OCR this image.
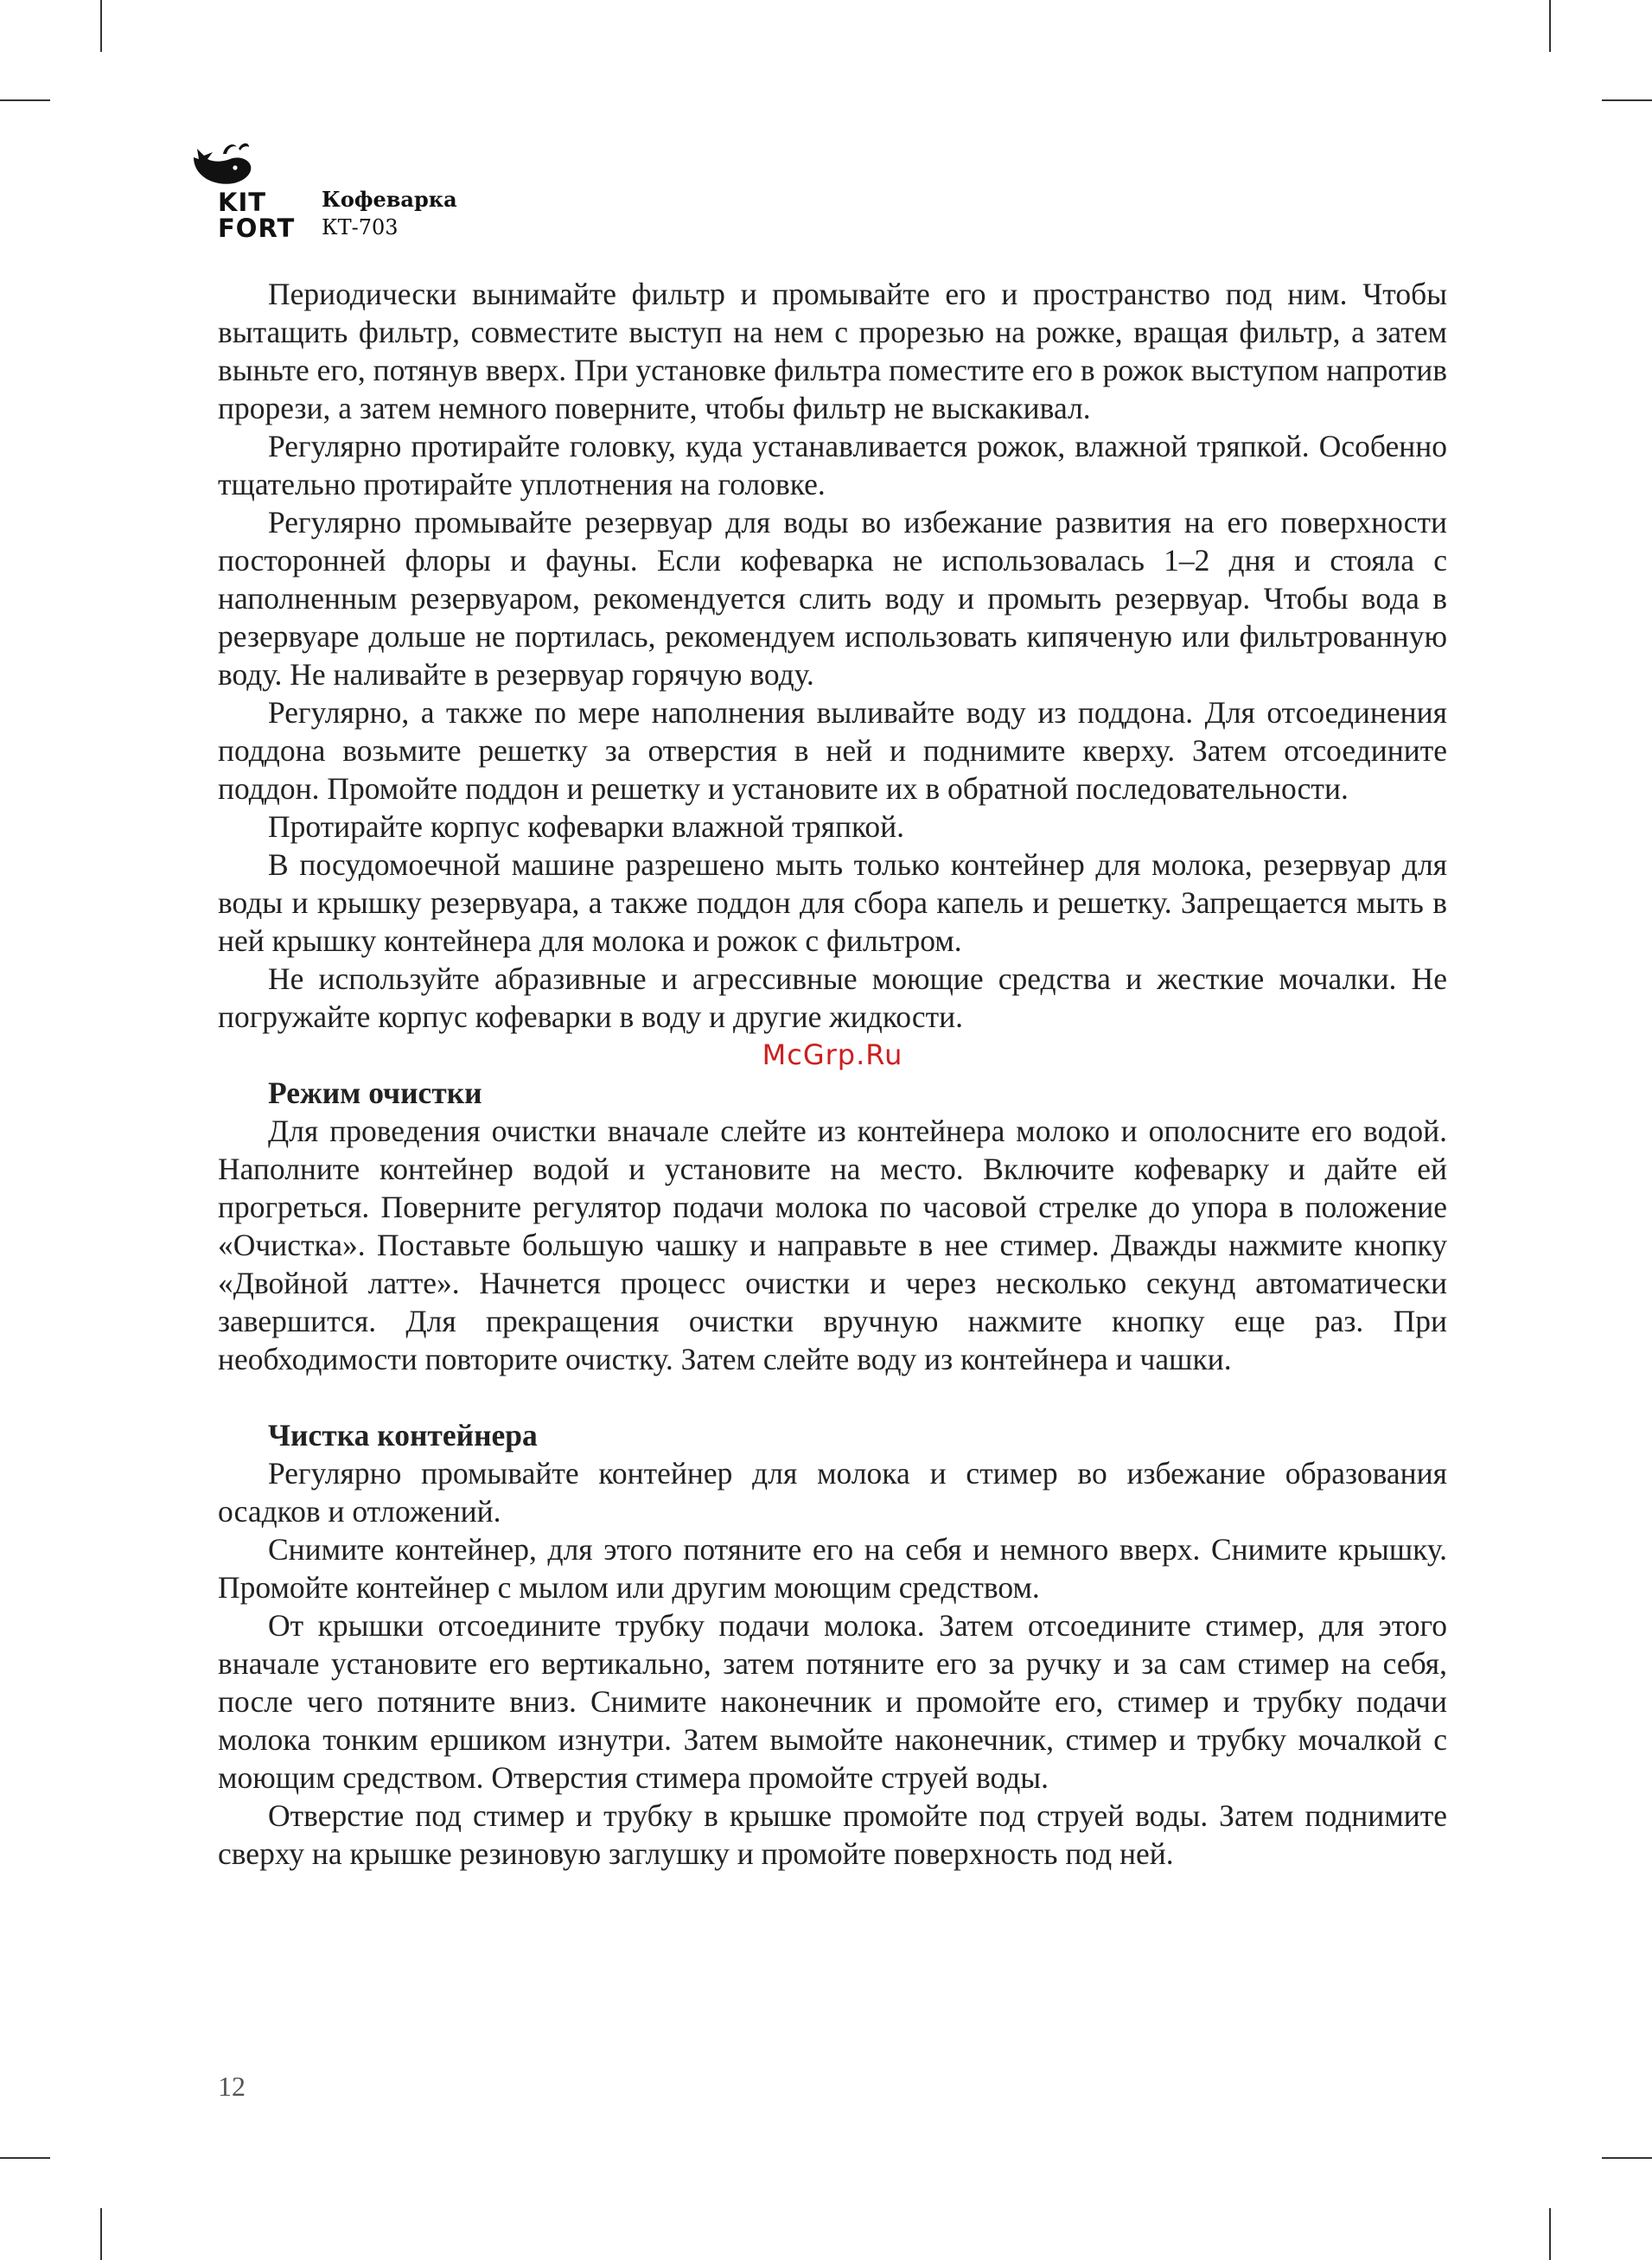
KIT
FORT
Кофеварка
КТ-703

Периодически вынимайте фильтр и промывайте его и пространство под ним. Чтобы вытащить фильтр, совместите выступ на нем с прорезью на рожке, вращая фильтр, а затем выньте его, потянув вверх. При установке фильтра поместите его в рожок выступом напротив прорези, а затем немного поверните, чтобы фильтр не выскакивал.

Регулярно протирайте головку, куда устанавливается рожок, влажной тряпкой. Особенно тщательно протирайте уплотнения на головке.

Регулярно промывайте резервуар для воды во избежание развития на его поверхности посторонней флоры и фауны. Если кофеварка не использовалась 1–2 дня и стояла с наполненным резервуаром, рекомендуется слить воду и промыть резервуар. Чтобы вода в резервуаре дольше не портилась, рекомендуем использовать кипяченую или фильтрованную воду. Не наливайте в резервуар горячую воду.

Регулярно, а также по мере наполнения выливайте воду из поддона. Для отсоединения поддона возьмите решетку за отверстия в ней и поднимите кверху. Затем отсоедините поддон. Промойте поддон и решетку и установите их в обратной последовательности.

Протирайте корпус кофеварки влажной тряпкой.

В посудомоечной машине разрешено мыть только контейнер для молока, резервуар для воды и крышку резервуара, а также поддон для сбора капель и решетку. Запрещается мыть в ней крышку контейнера для молока и рожок с фильтром.

Не используйте абразивные и агрессивные моющие средства и жесткие мочалки. Не погружайте корпус кофеварки в воду и другие жидкости.

McGrp.Ru
Режим очистки

Для проведения очистки вначале слейте из контейнера молоко и ополосните его водой. Наполните контейнер водой и установите на место. Включите кофеварку и дайте ей прогреться. Поверните регулятор подачи молока по часовой стрелке до упора в положение «Очистка». Поставьте большую чашку и направьте в нее стимер. Дважды нажмите кнопку «Двойной латте». Начнется процесс очистки и через несколько секунд автоматически завершится. Для прекращения очистки вручную нажмите кнопку еще раз. При необходимости повторите очистку. Затем слейте воду из контейнера и чашки.

Чистка контейнера

Регулярно промывайте контейнер для молока и стимер во избежание образования осадков и отложений.

Снимите контейнер, для этого потяните его на себя и немного вверх. Снимите крышку. Промойте контейнер с мылом или другим моющим средством.

От крышки отсоедините трубку подачи молока. Затем отсоедините стимер, для этого вначале установите его вертикально, затем потяните его за ручку и за сам стимер на себя, после чего потяните вниз. Снимите наконечник и промойте его, стимер и трубку подачи молока тонким ершиком изнутри. Затем вымойте наконечник, стимер и трубку мочалкой с моющим средством. Отверстия стимера промойте струей воды.

Отверстие под стимер и трубку в крышке промойте под струей воды. Затем поднимите сверху на крышке резиновую заглушку и промойте поверхность под ней.

12
